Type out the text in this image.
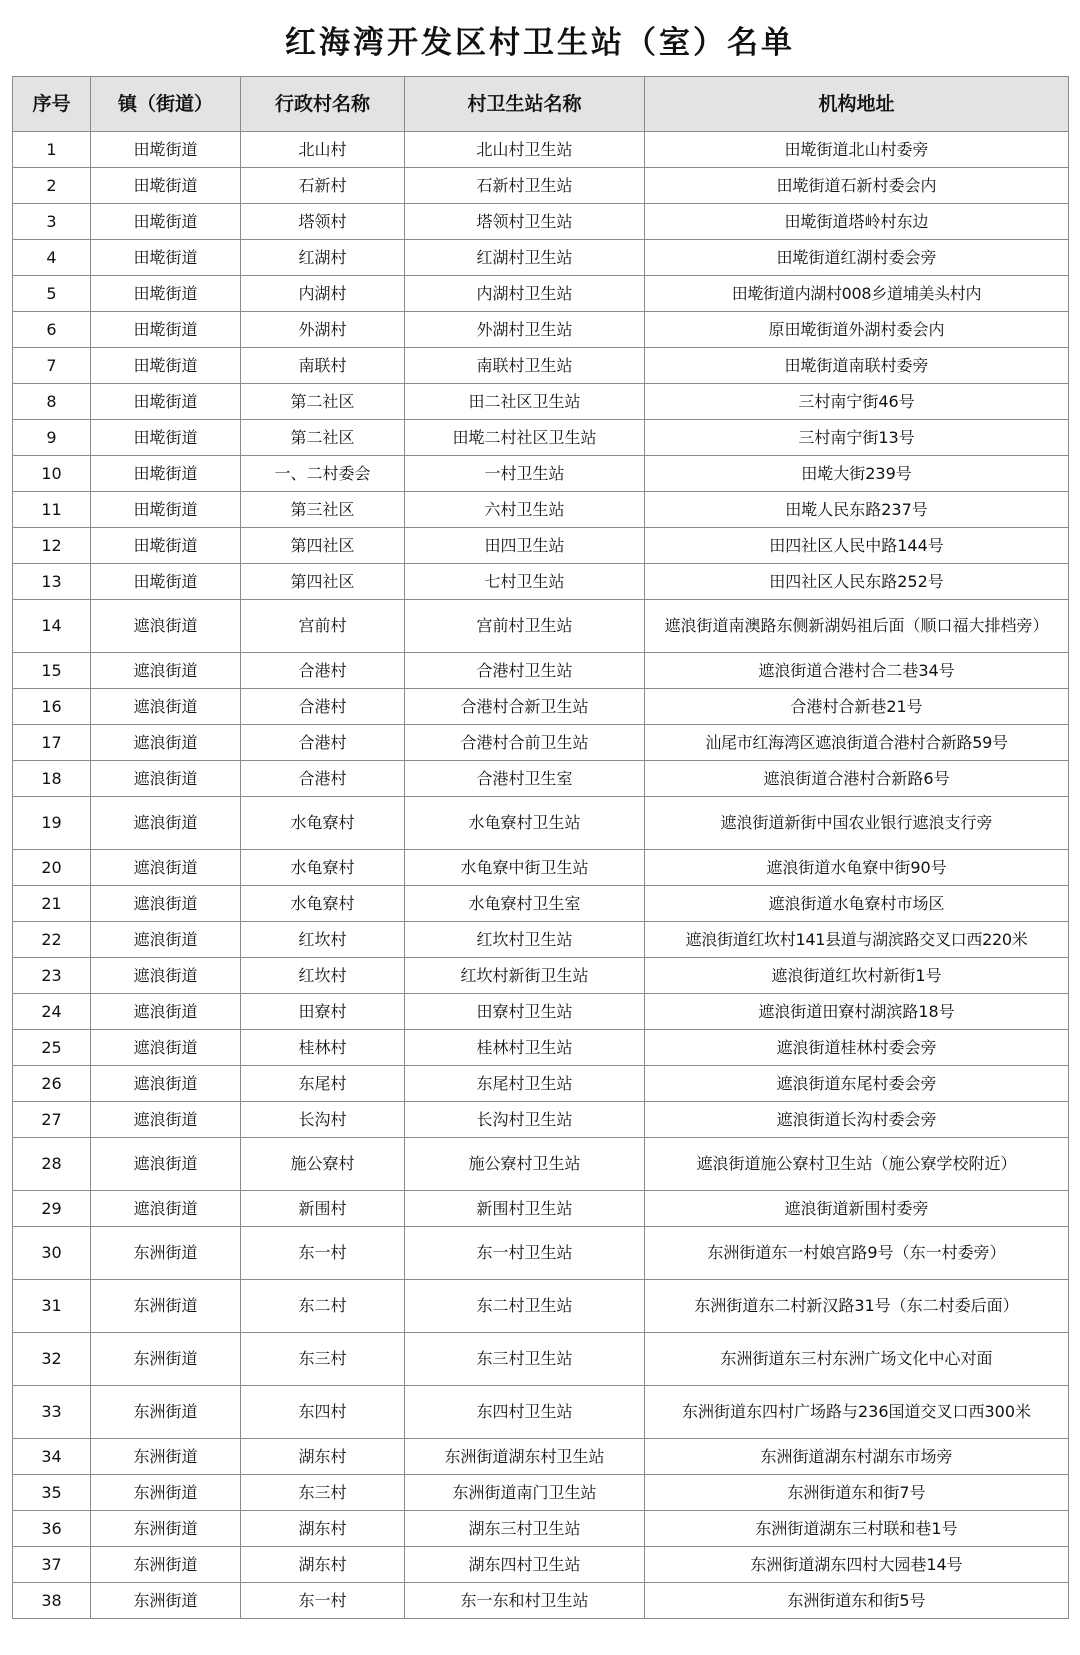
红海湾开发区村卫生站（室）名单
序号	镇（街道）	行政村名称	村卫生站名称	机构地址
1	田墘街道	北山村	北山村卫生站	田墘街道北山村委旁
2	田墘街道	石新村	石新村卫生站	田墘街道石新村委会内
3	田墘街道	塔领村	塔领村卫生站	田墘街道塔岭村东边
4	田墘街道	红湖村	红湖村卫生站	田墘街道红湖村委会旁
5	田墘街道	内湖村	内湖村卫生站	田墘街道内湖村008乡道埔美头村内
6	田墘街道	外湖村	外湖村卫生站	原田墘街道外湖村委会内
7	田墘街道	南联村	南联村卫生站	田墘街道南联村委旁
8	田墘街道	第二社区	田二社区卫生站	三村南宁街46号
9	田墘街道	第二社区	田墘二村社区卫生站	三村南宁街13号
10	田墘街道	一、二村委会	一村卫生站	田墘大街239号
11	田墘街道	第三社区	六村卫生站	田墘人民东路237号
12	田墘街道	第四社区	田四卫生站	田四社区人民中路144号
13	田墘街道	第四社区	七村卫生站	田四社区人民东路252号
14	遮浪街道	宫前村	宫前村卫生站	遮浪街道南澳路东侧新湖妈祖后面（顺口福大排档旁）
15	遮浪街道	合港村	合港村卫生站	遮浪街道合港村合二巷34号
16	遮浪街道	合港村	合港村合新卫生站	合港村合新巷21号
17	遮浪街道	合港村	合港村合前卫生站	汕尾市红海湾区遮浪街道合港村合新路59号
18	遮浪街道	合港村	合港村卫生室	遮浪街道合港村合新路6号
19	遮浪街道	水龟寮村	水龟寮村卫生站	遮浪街道新街中国农业银行遮浪支行旁
20	遮浪街道	水龟寮村	水龟寮中街卫生站	遮浪街道水龟寮中街90号
21	遮浪街道	水龟寮村	水龟寮村卫生室	遮浪街道水龟寮村市场区
22	遮浪街道	红坎村	红坎村卫生站	遮浪街道红坎村141县道与湖滨路交叉口西220米
23	遮浪街道	红坎村	红坎村新街卫生站	遮浪街道红坎村新街1号
24	遮浪街道	田寮村	田寮村卫生站	遮浪街道田寮村湖滨路18号
25	遮浪街道	桂林村	桂林村卫生站	遮浪街道桂林村委会旁
26	遮浪街道	东尾村	东尾村卫生站	遮浪街道东尾村委会旁
27	遮浪街道	长沟村	长沟村卫生站	遮浪街道长沟村委会旁
28	遮浪街道	施公寮村	施公寮村卫生站	遮浪街道施公寮村卫生站（施公寮学校附近）
29	遮浪街道	新围村	新围村卫生站	遮浪街道新围村委旁
30	东洲街道	东一村	东一村卫生站	东洲街道东一村娘宫路9号（东一村委旁）
31	东洲街道	东二村	东二村卫生站	东洲街道东二村新汉路31号（东二村委后面）
32	东洲街道	东三村	东三村卫生站	东洲街道东三村东洲广场文化中心对面
33	东洲街道	东四村	东四村卫生站	东洲街道东四村广场路与236国道交叉口西300米
34	东洲街道	湖东村	东洲街道湖东村卫生站	东洲街道湖东村湖东市场旁
35	东洲街道	东三村	东洲街道南门卫生站	东洲街道东和街7号
36	东洲街道	湖东村	湖东三村卫生站	东洲街道湖东三村联和巷1号
37	东洲街道	湖东村	湖东四村卫生站	东洲街道湖东四村大园巷14号
38	东洲街道	东一村	东一东和村卫生站	东洲街道东和街5号
